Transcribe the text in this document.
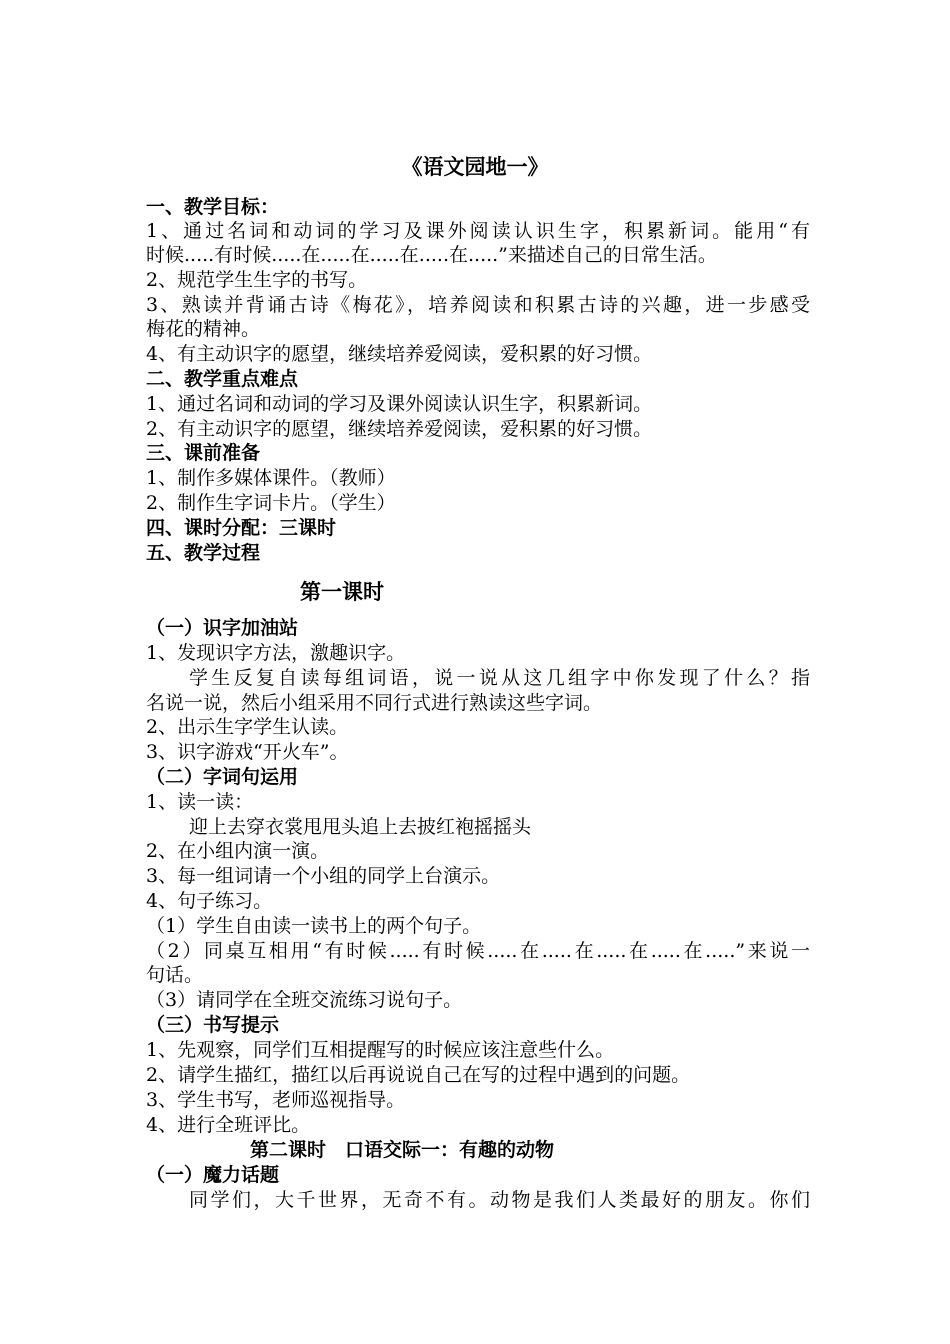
《语文园地一》
一、教学目标：
1、通过名词和动词的学习及课外阅读认识生字，积累新词。能用“有
时候.....有时候.....在.....在.....在.....在.....”来描述自己的日常生活。
2、规范学生生字的书写。
3、熟读并背诵古诗《梅花》，培养阅读和积累古诗的兴趣，进一步感受
梅花的精神。
4、有主动识字的愿望，继续培养爱阅读，爱积累的好习惯。
二、教学重点难点
1、通过名词和动词的学习及课外阅读认识生字，积累新词。
2、有主动识字的愿望，继续培养爱阅读，爱积累的好习惯。
三、课前准备
1、制作多媒体课件。（教师）
2、制作生字词卡片。（学生）
四、课时分配：三课时
五、教学过程
第一课时
（一）识字加油站
1、发现识字方法，激趣识字。
学生反复自读每组词语，说一说从这几组字中你发现了什么？指
名说一说，然后小组采用不同行式进行熟读这些字词。
2、出示生字学生认读。
3、识字游戏“开火车”。
（二）字词句运用
1、读一读：
迎上去穿衣裳甩甩头追上去披红袍摇摇头
2、在小组内演一演。
3、每一组词请一个小组的同学上台演示。
4、句子练习。
（1）学生自由读一读书上的两个句子。
（2）同桌互相用“有时候.....有时候.....在.....在.....在.....在.....”来说一
句话。
（3）请同学在全班交流练习说句子。
（三）书写提示
1、先观察，同学们互相提醒写的时候应该注意些什么。
2、请学生描红，描红以后再说说自己在写的过程中遇到的问题。
3、学生书写，老师巡视指导。
4、进行全班评比。
第二课时　口语交际一：有趣的动物
（一）魔力话题
同学们，大千世界，无奇不有。动物是我们人类最好的朋友。你们
